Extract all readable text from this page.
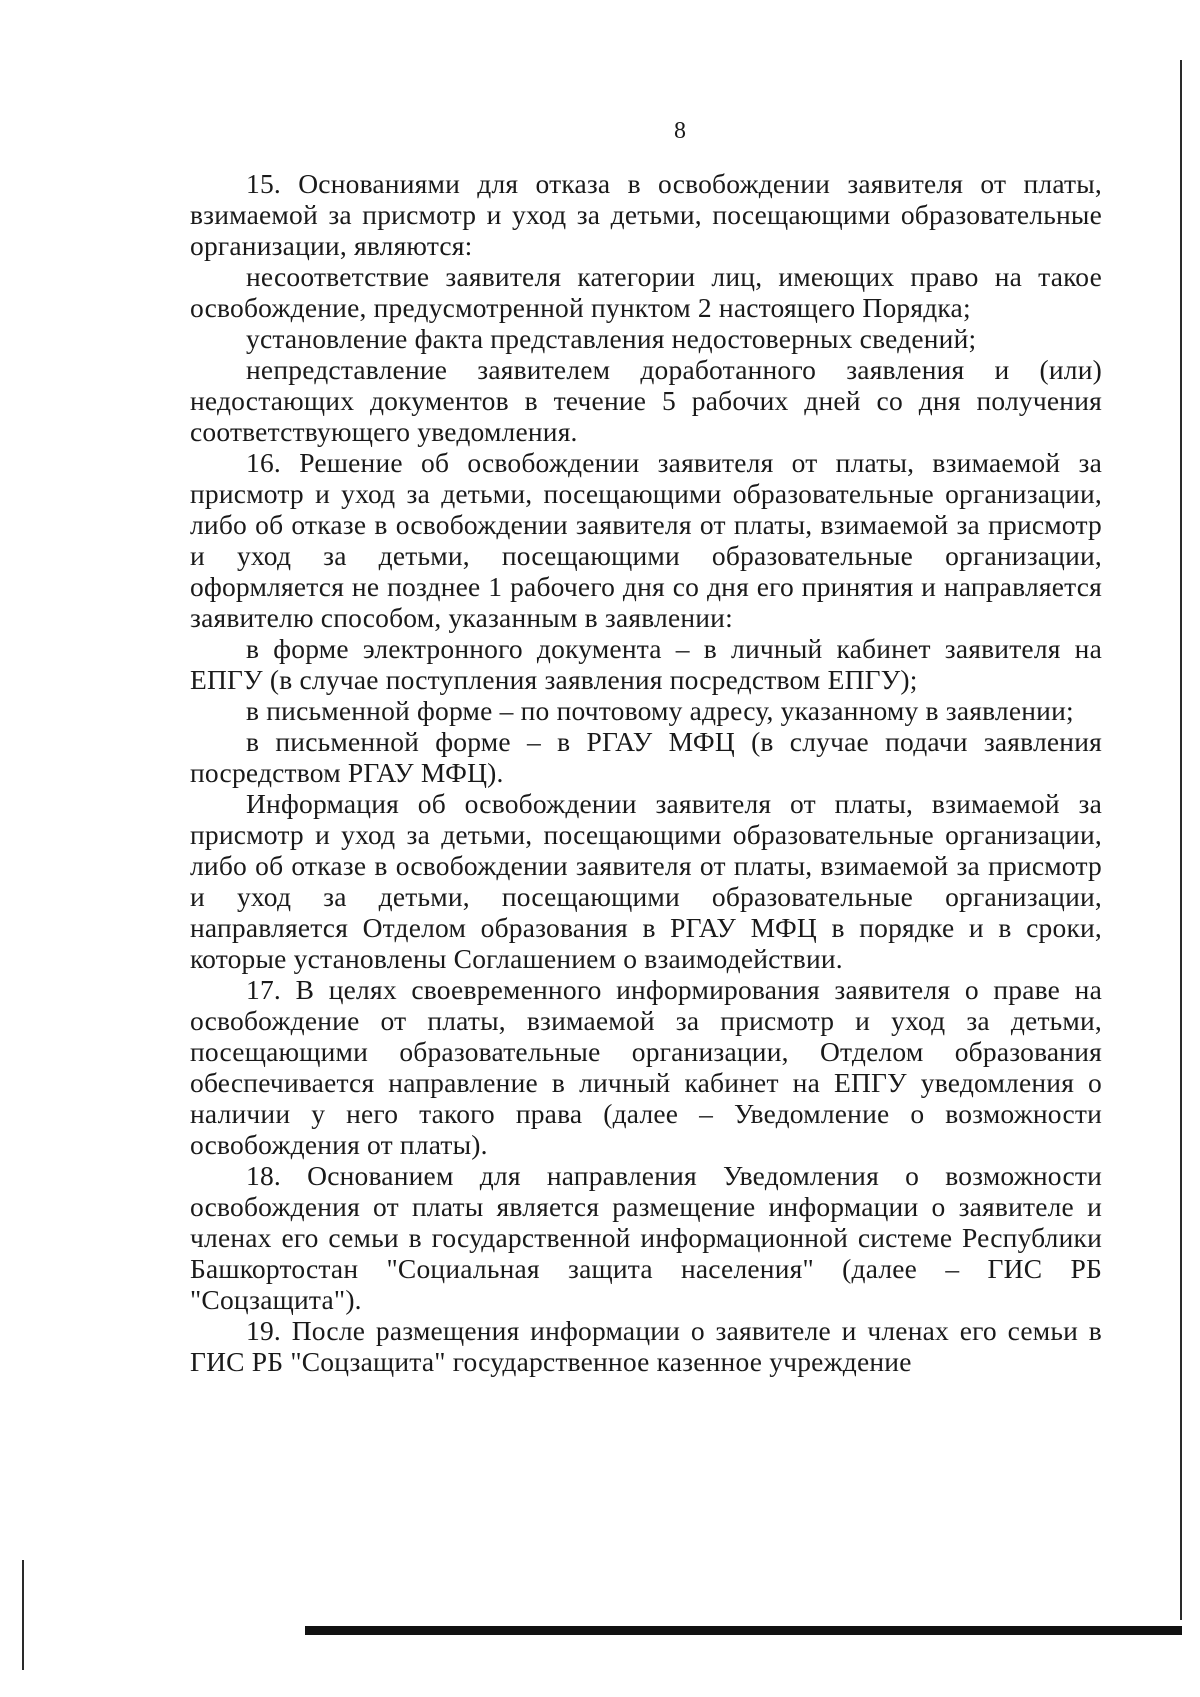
8

15. Основаниями для отказа в освобождении заявителя от платы, взимаемой за присмотр и уход за детьми, посещающими образовательные организации, являются:

несоответствие заявителя категории лиц, имеющих право на такое освобождение, предусмотренной пунктом 2 настоящего Порядка;

установление факта представления недостоверных сведений;

непредставление заявителем доработанного заявления и (или) недостающих документов в течение 5 рабочих дней со дня получения соответствующего уведомления.

16. Решение об освобождении заявителя от платы, взимаемой за присмотр и уход за детьми, посещающими образовательные организации, либо об отказе в освобождении заявителя от платы, взимаемой за присмотр и уход за детьми, посещающими образовательные организации, оформляется не позднее 1 рабочего дня со дня его принятия и направляется заявителю способом, указанным в заявлении:

в форме электронного документа – в личный кабинет заявителя на ЕПГУ (в случае поступления заявления посредством ЕПГУ);

в письменной форме – по почтовому адресу, указанному в заявлении;

в письменной форме – в РГАУ МФЦ (в случае подачи заявления посредством РГАУ МФЦ).

Информация об освобождении заявителя от платы, взимаемой за присмотр и уход за детьми, посещающими образовательные организации, либо об отказе в освобождении заявителя от платы, взимаемой за присмотр и уход за детьми, посещающими образовательные организации, направляется Отделом образования в РГАУ МФЦ в порядке и в сроки, которые установлены Соглашением о взаимодействии.

17. В целях своевременного информирования заявителя о праве на освобождение от платы, взимаемой за присмотр и уход за детьми, посещающими образовательные организации, Отделом образования обеспечивается направление в личный кабинет на ЕПГУ уведомления о наличии у него такого права (далее – Уведомление о возможности освобождения от платы).

18. Основанием для направления Уведомления о возможности освобождения от платы является размещение информации о заявителе и членах его семьи в государственной информационной системе Республики Башкортостан "Социальная защита населения" (далее – ГИС РБ "Соцзащита").

19. После размещения информации о заявителе и членах его семьи в ГИС РБ "Соцзащита" государственное казенное учреждение
